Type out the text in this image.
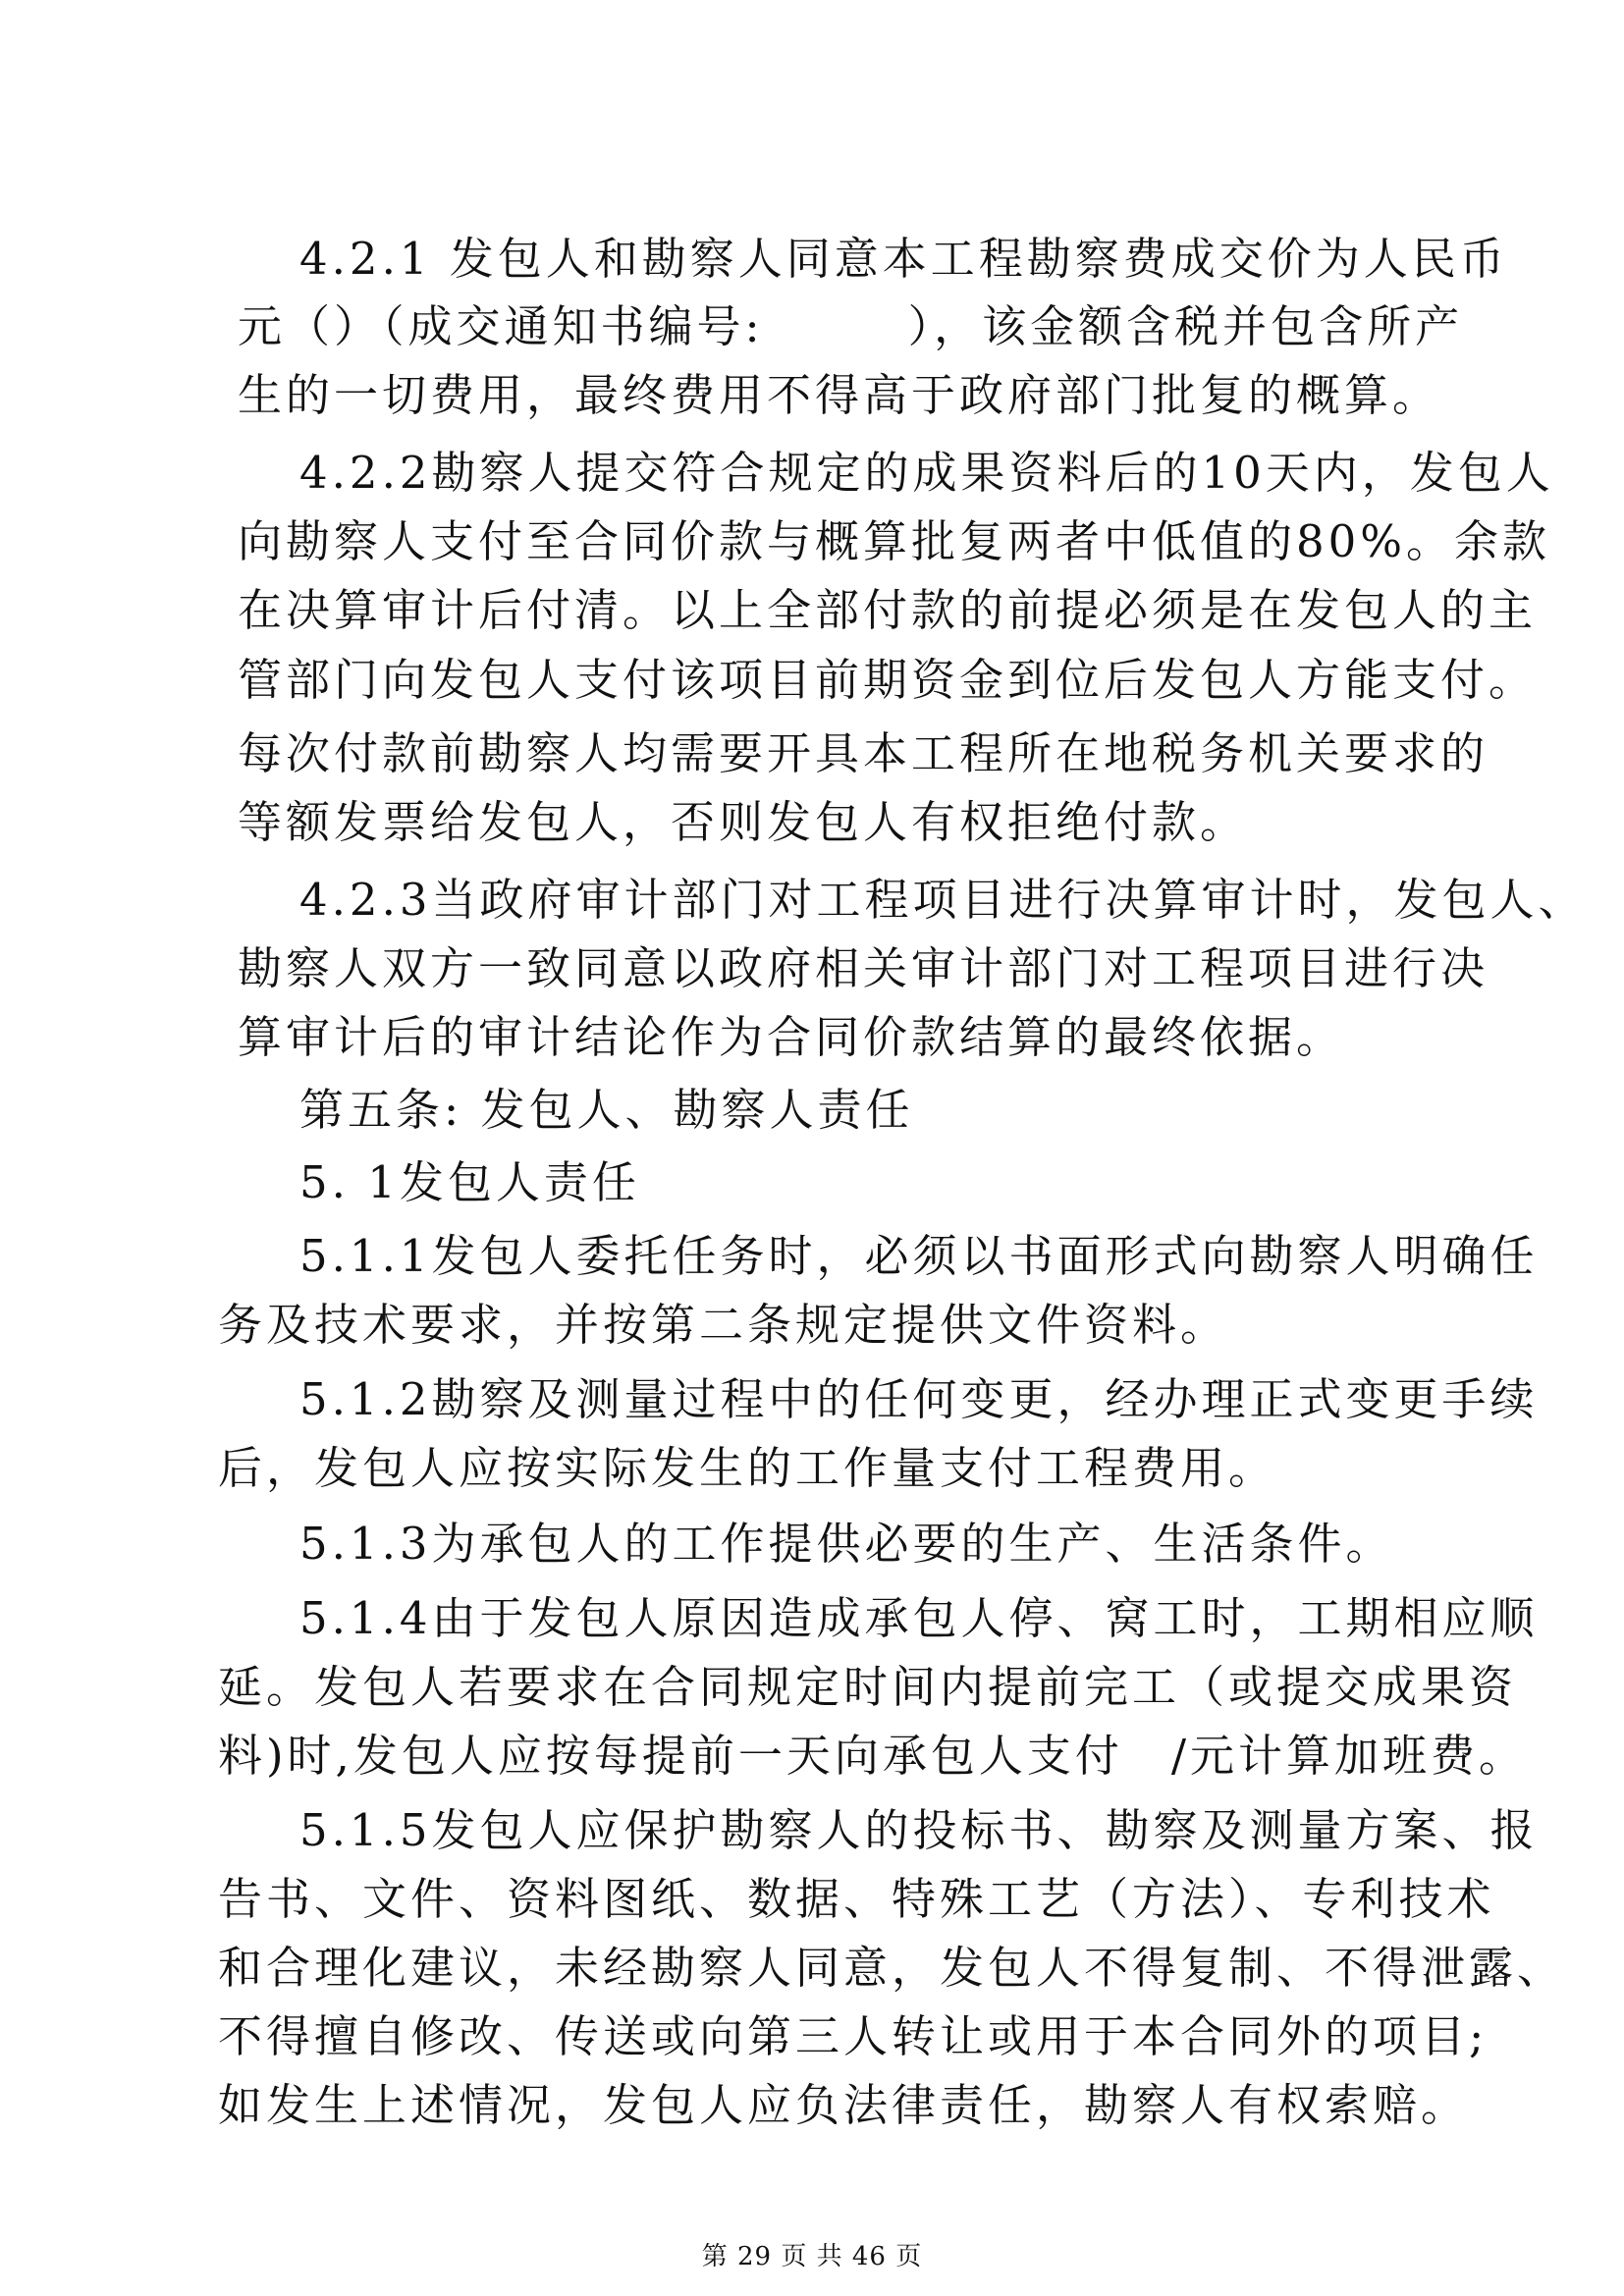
4.2.1 发包人和勘察人同意本工程勘察费成交价为人民币
元（）（成交通知书编号:　　　），该金额含税并包含所产
生的一切费用，最终费用不得高于政府部门批复的概算。
4.2.2勘察人提交符合规定的成果资料后的10天内，发包人
向勘察人支付至合同价款与概算批复两者中低值的80%。余款
在决算审计后付清。以上全部付款的前提必须是在发包人的主
管部门向发包人支付该项目前期资金到位后发包人方能支付。
每次付款前勘察人均需要开具本工程所在地税务机关要求的
等额发票给发包人，否则发包人有权拒绝付款。
4.2.3当政府审计部门对工程项目进行决算审计时，发包人、
勘察人双方一致同意以政府相关审计部门对工程项目进行决
算审计后的审计结论作为合同价款结算的最终依据。
第五条: 发包人、勘察人责任
5. 1发包人责任
5.1.1发包人委托任务时，必须以书面形式向勘察人明确任
务及技术要求，并按第二条规定提供文件资料。
5.1.2勘察及测量过程中的任何变更，经办理正式变更手续
后，发包人应按实际发生的工作量支付工程费用。
5.1.3为承包人的工作提供必要的生产、生活条件。
5.1.4由于发包人原因造成承包人停、窝工时，工期相应顺
延。发包人若要求在合同规定时间内提前完工（或提交成果资
料)时,发包人应按每提前一天向承包人支付　/元计算加班费。
5.1.5发包人应保护勘察人的投标书、勘察及测量方案、报
告书、文件、资料图纸、数据、特殊工艺（方法）、专利技术
和合理化建议，未经勘察人同意，发包人不得复制、不得泄露、
不得擅自修改、传送或向第三人转让或用于本合同外的项目;
如发生上述情况，发包人应负法律责任，勘察人有权索赔。
第 29 页 共 46 页
